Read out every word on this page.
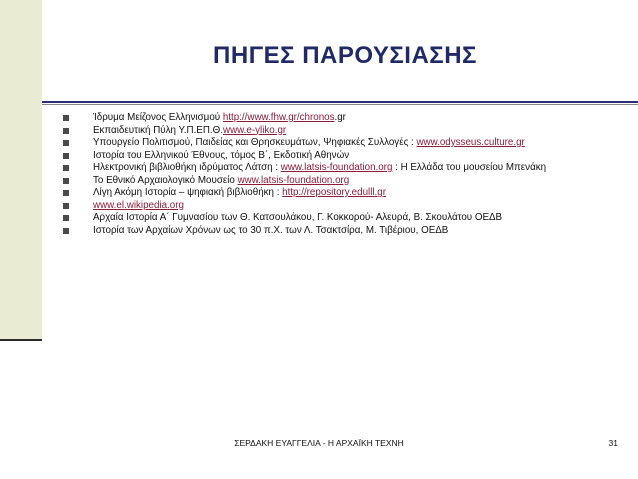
ΠΗΓΕΣ ΠΑΡΟΥΣΙΑΣΗΣ
Ίδρυμα Μείζονος Ελληνισμού http://www.fhw.gr/chronos.gr
Εκπαιδευτική Πύλη Υ.Π.ΕΠ.Θ.www.e-yliko.gr
Υπουργείο Πολιτισμού, Παιδείας και Θρησκευμάτων, Ψηφιακές Συλλογές : www.odysseus.culture.gr
Ιστορία του Ελληνικού Έθνους, τόμος Β΄, Εκδοτική Αθηνών
Ηλεκτρονική βιβλιοθήκη ιδρύματος Λάτση : www.latsis-foundation.org : Η Ελλάδα του μουσείου Μπενάκη
Το Εθνικό Αρχαιολογικό Μουσείο www.latsis-foundation.org
Λίγη Ακόμη Ιστορία – ψηφιακή βιβλιοθήκη : http://repository.edulll.gr
www.el.wikipedia.org
Αρχαία Ιστορία Α΄ Γυμνασίου των Θ. Κατσουλάκου, Γ. Κοκκορού- Αλευρά, Β. Σκουλάτου ΟΕΔΒ
Ιστορία των Αρχαίων Χρόνων ως το 30 π.Χ. των Λ. Τσακτσίρα, Μ. Τιβέριου, ΟΕΔΒ
ΣΕΡΔΑΚΗ ΕΥΑΓΓΕΛΙΑ - Η ΑΡΧΑΪΚΗ ΤΕΧΝΗ	31
